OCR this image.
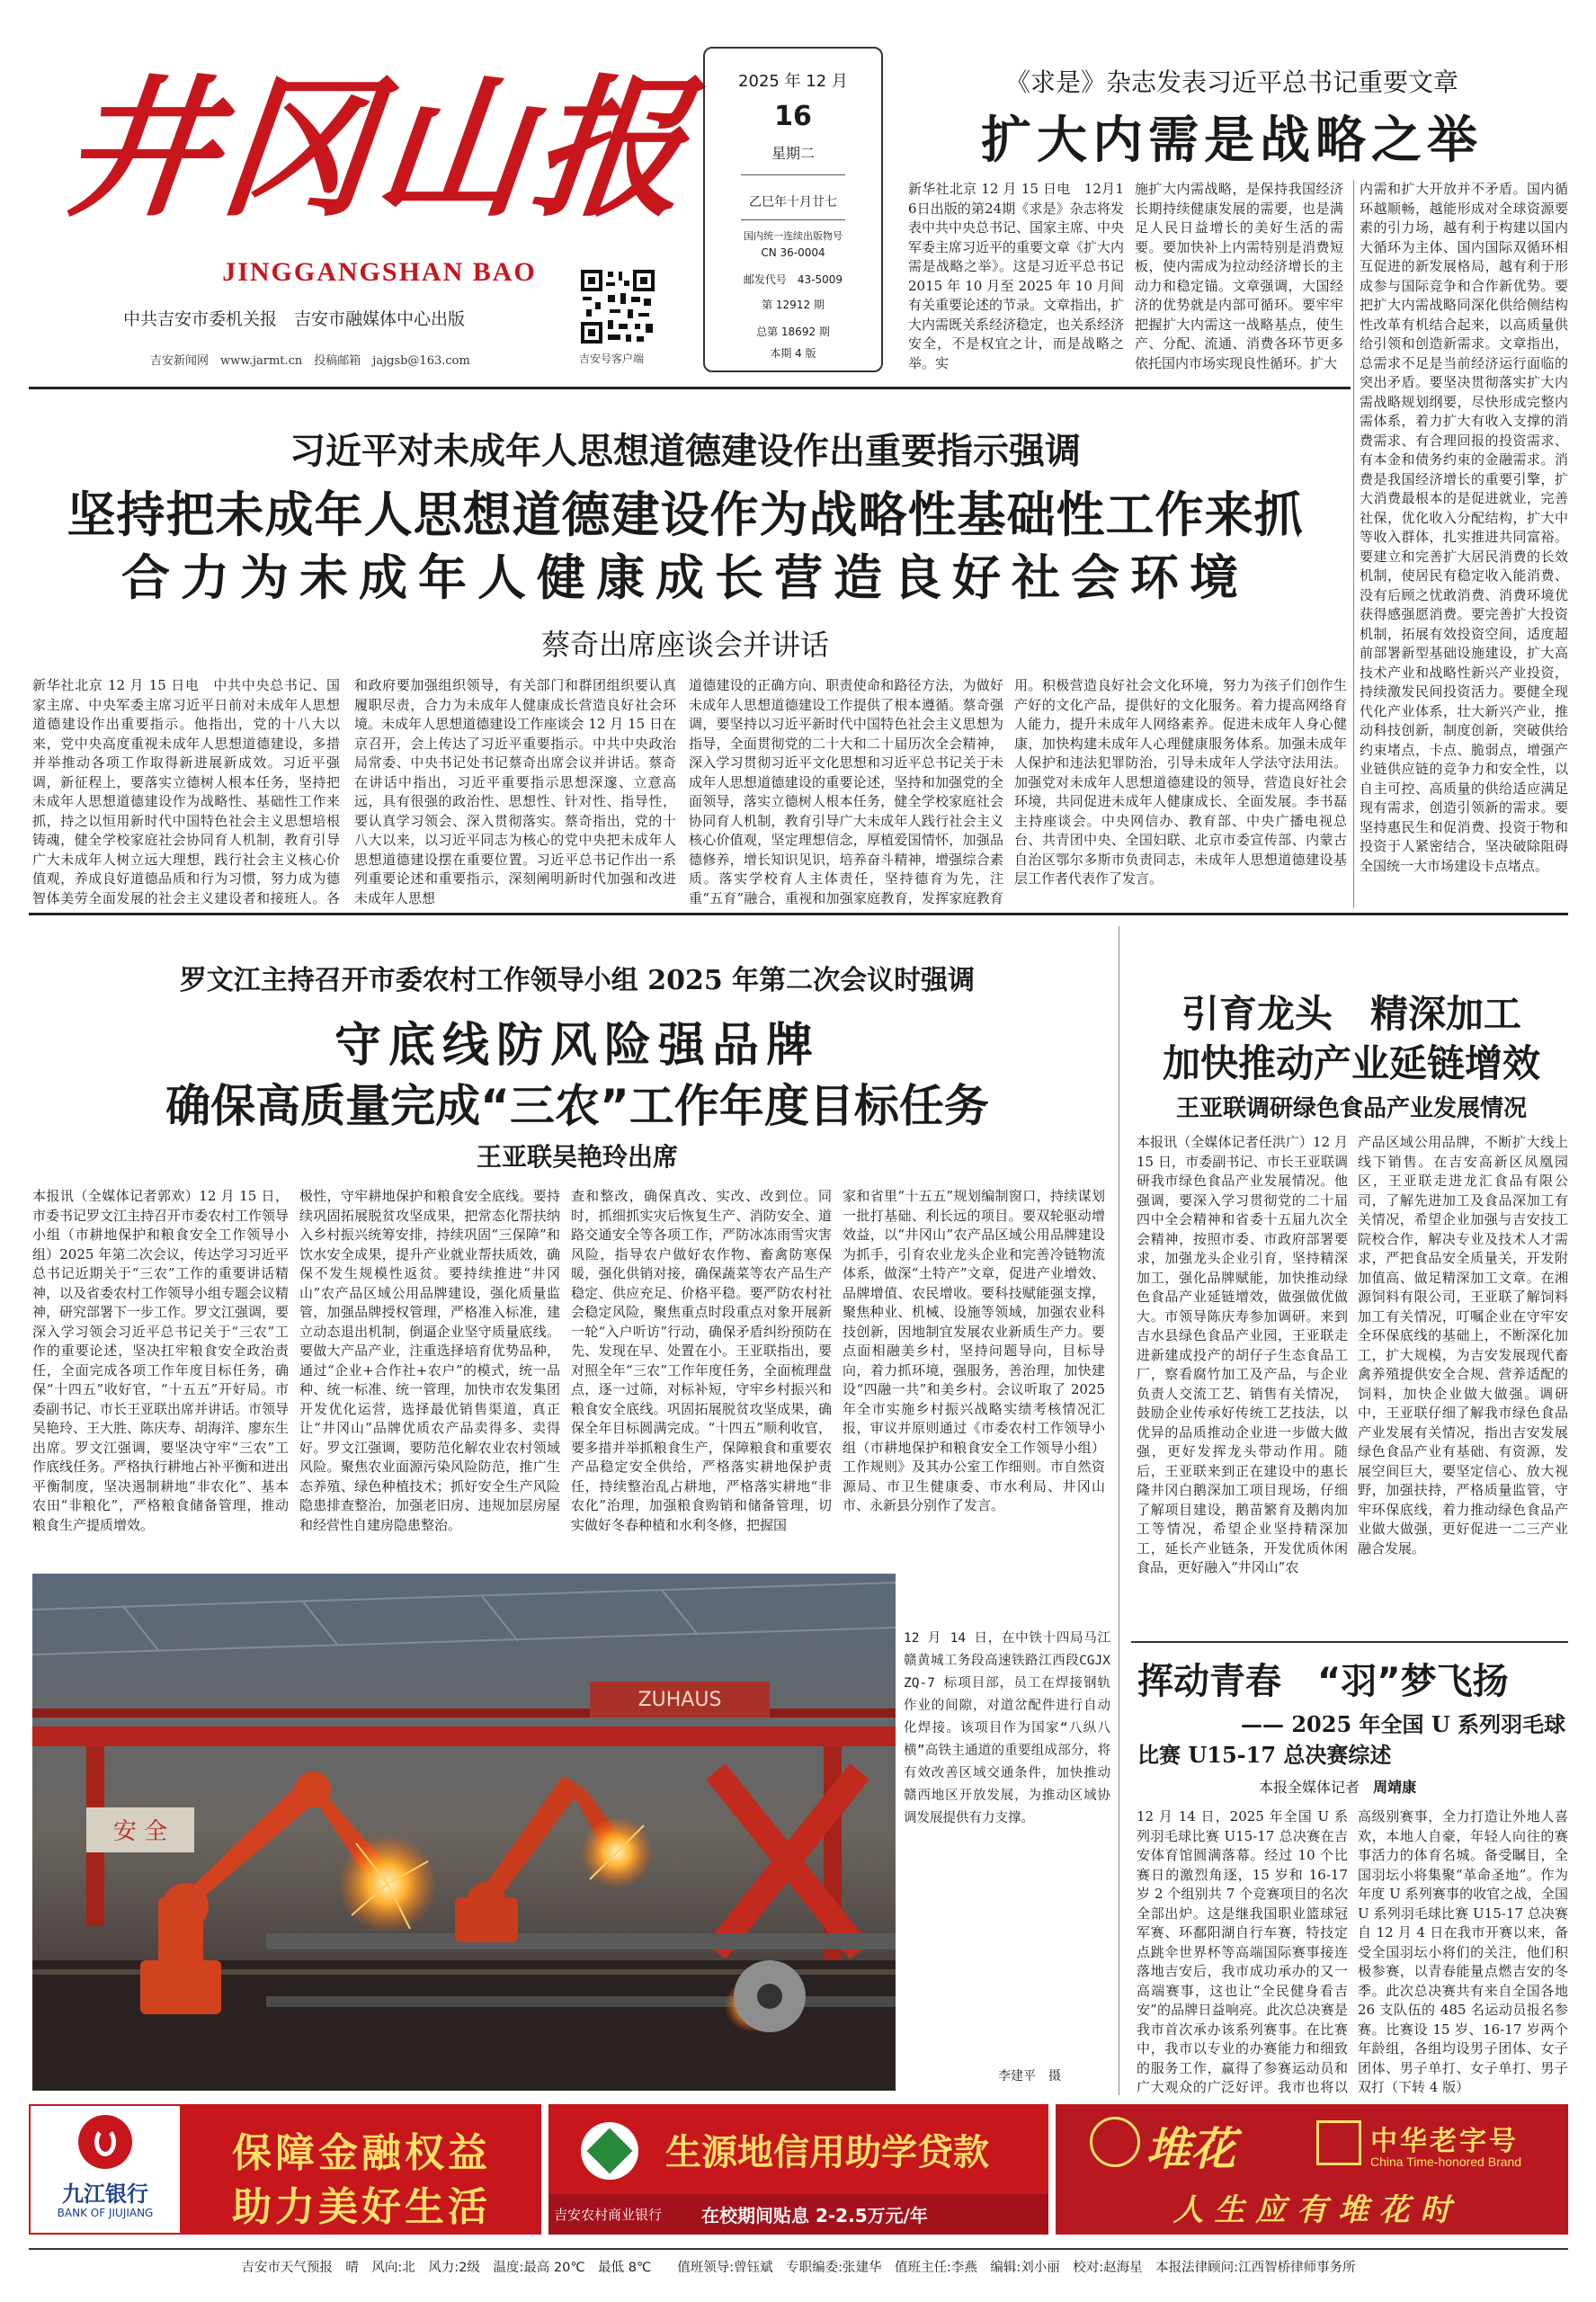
井冈山报
JINGGANGSHAN BAO
中共吉安市委机关报　吉安市融媒体中心出版
吉安新闻网　www.jarmt.cn　投稿邮箱　jajgsb@163.com	吉安号客户端
2025 年 12 月
16
星期二
乙巳年十月廿七
国内统一连续出版物号
CN 36-0004
邮发代号　43-5009
第 12912 期
总第 18692 期
本期 4 版
《求是》杂志发表习近平总书记重要文章
扩大内需是战略之举
新华社北京 12 月 15 日电　12月16日出版的第24期《求是》杂志将发表中共中央总书记、国家主席、中央军委主席习近平的重要文章《扩大内需是战略之举》。这是习近平总书记 2015 年 10 月至 2025 年 10 月间有关重要论述的节录。文章指出，扩大内需既关系经济稳定，也关系经济安全，不是权宜之计，而是战略之举。实
施扩大内需战略，是保持我国经济长期持续健康发展的需要，也是满足人民日益增长的美好生活的需要。要加快补上内需特别是消费短板，使内需成为拉动经济增长的主动力和稳定锚。文章强调，大国经济的优势就是内部可循环。要牢牢把握扩大内需这一战略基点，使生产、分配、流通、消费各环节更多依托国内市场实现良性循环。扩大
内需和扩大开放并不矛盾。国内循环越顺畅，越能形成对全球资源要素的引力场，越有利于构建以国内大循环为主体、国内国际双循环相互促进的新发展格局，越有利于形成参与国际竞争和合作新优势。要把扩大内需战略同深化供给侧结构性改革有机结合起来，以高质量供给引领和创造新需求。文章指出，总需求不足是当前经济运行面临的突出矛盾。要坚决贯彻落实扩大内需战略规划纲要，尽快形成完整内需体系，着力扩大有收入支撑的消费需求、有合理回报的投资需求、有本金和债务约束的金融需求。消费是我国经济增长的重要引擎，扩大消费最根本的是促进就业，完善社保，优化收入分配结构，扩大中等收入群体，扎实推进共同富裕。要建立和完善扩大居民消费的长效机制，使居民有稳定收入能消费、没有后顾之忧敢消费、消费环境优获得感强愿消费。要完善扩大投资机制，拓展有效投资空间，适度超前部署新型基础设施建设，扩大高技术产业和战略性新兴产业投资，持续激发民间投资活力。要健全现代化产业体系，壮大新兴产业，推动科技创新，制度创新，突破供给约束堵点，卡点、脆弱点，增强产业链供应链的竞争力和安全性，以自主可控、高质量的供给适应满足现有需求，创造引领新的需求。要坚持惠民生和促消费、投资于物和投资于人紧密结合，坚决破除阻碍全国统一大市场建设卡点堵点。
习近平对未成年人思想道德建设作出重要指示强调
坚持把未成年人思想道德建设作为战略性基础性工作来抓
合力为未成年人健康成长营造良好社会环境
蔡奇出席座谈会并讲话
新华社北京 12 月 15 日电　中共中央总书记、国家主席、中央军委主席习近平日前对未成年人思想道德建设作出重要指示。他指出，党的十八大以来，党中央高度重视未成年人思想道德建设，多措并举推动各项工作取得新进展新成效。习近平强调，新征程上，要落实立德树人根本任务，坚持把未成年人思想道德建设作为战略性、基础性工作来抓，持之以恒用新时代中国特色社会主义思想培根铸魂，健全学校家庭社会协同育人机制，教育引导广大未成年人树立远大理想，践行社会主义核心价值观，养成良好道德品质和行为习惯，努力成为德智体美劳全面发展的社会主义建设者和接班人。各
和政府要加强组织领导，有关部门和群团组织要认真履职尽责，合力为未成年人健康成长营造良好社会环境。未成年人思想道德建设工作座谈会 12 月 15 日在京召开，会上传达了习近平重要指示。中共中央政治局常委、中央书记处书记蔡奇出席会议并讲话。蔡奇在讲话中指出，习近平重要指示思想深邃、立意高远，具有很强的政治性、思想性、针对性、指导性，要认真学习领会、深入贯彻落实。蔡奇指出，党的十八大以来，以习近平同志为核心的党中央把未成年人思想道德建设摆在重要位置。习近平总书记作出一系列重要论述和重要指示，深刻阐明新时代加强和改进未成年人思想
道德建设的正确方向、职责使命和路径方法，为做好未成年人思想道德建设工作提供了根本遵循。蔡奇强调，要坚持以习近平新时代中国特色社会主义思想为指导，全面贯彻党的二十大和二十届历次全会精神，深入学习贯彻习近平文化思想和习近平总书记关于未成年人思想道德建设的重要论述，坚持和加强党的全面领导，落实立德树人根本任务，健全学校家庭社会协同育人机制，教育引导广大未成年人践行社会主义核心价值观，坚定理想信念，厚植爱国情怀，加强品德修养，增长知识见识，培养奋斗精神，增强综合素质。落实学校育人主体责任，坚持德育为先，注重“五育”融合，重视和加强家庭教育，发挥家庭教育
用。积极营造良好社会文化环境，努力为孩子们创作生产好的文化产品，提供好的文化服务。着力提高网络育人能力，提升未成年人网络素养。促进未成年人身心健康，加快构建未成年人心理健康服务体系。加强未成年人保护和违法犯罪防治，引导未成年人学法守法用法。加强党对未成年人思想道德建设的领导，营造良好社会环境，共同促进未成年人健康成长、全面发展。李书磊主持座谈会。中央网信办、教育部、中央广播电视总台、共青团中央、全国妇联、北京市委宣传部、内蒙古自治区鄂尔多斯市负责同志，未成年人思想道德建设基层工作者代表作了发言。
罗文江主持召开市委农村工作领导小组 2025 年第二次会议时强调
守底线防风险强品牌
确保高质量完成“三农”工作年度目标任务
王亚联吴艳玲出席
本报讯（全媒体记者郭欢）12 月 15 日，市委书记罗文江主持召开市委农村工作领导小组（市耕地保护和粮食安全工作领导小组）2025 年第二次会议，传达学习习近平总书记近期关于“三农”工作的重要讲话精神，以及省委农村工作领导小组专题会议精神，研究部署下一步工作。罗文江强调，要深入学习领会习近平总书记关于“三农”工作的重要论述，坚决扛牢粮食安全政治责任，全面完成各项工作年度目标任务，确保“十四五”收好官，“十五五”开好局。市委副书记、市长王亚联出席并讲话。市领导吴艳玲、王大胜、陈庆寿、胡海洋、廖东生出席。罗文江强调，要坚决守牢“三农”工作底线任务。严格执行耕地占补平衡和进出平衡制度，坚决遏制耕地“非农化”、基本农田“非粮化”，严格粮食储备管理，推动粮食生产提质增效。
极性，守牢耕地保护和粮食安全底线。要持续巩固拓展脱贫攻坚成果，把常态化帮扶纳入乡村振兴统筹安排，持续巩固“三保障”和饮水安全成果，提升产业就业帮扶质效，确保不发生规模性返贫。要持续推进“井冈山”农产品区域公用品牌建设，强化质量监管，加强品牌授权管理，严格准入标准，建立动态退出机制，倒逼企业坚守质量底线。要做大产品产业，注重选择培育优势品种，通过“企业+合作社+农户”的模式，统一品种、统一标准、统一管理，加快市农发集团开发优化运营，选择最优销售渠道，真正让“井冈山”品牌优质农产品卖得多、卖得好。罗文江强调，要防范化解农业农村领域风险。聚焦农业面源污染风险防范，推广生态养殖、绿色种植技术；抓好安全生产风险隐患排查整治，加强老旧房、违规加层房屋和经营性自建房隐患整治。
查和整改，确保真改、实改、改到位。同时，抓细抓实灾后恢复生产、消防安全、道路交通安全等各项工作，严防冰冻雨雪灾害风险，指导农户做好农作物、畜禽防寒保暖，强化供销对接，确保蔬菜等农产品生产稳定、供应充足、价格平稳。要严防农村社会稳定风险，聚焦重点时段重点对象开展新一轮“入户听访”行动，确保矛盾纠纷预防在先、发现在早、处置在小。王亚联指出，要对照全年“三农”工作年度任务，全面梳理盘点，逐一过筛，对标补短，守牢乡村振兴和粮食安全底线。巩固拓展脱贫攻坚成果，确保全年目标圆满完成。“十四五”顺利收官，要多措并举抓粮食生产，保障粮食和重要农产品稳定安全供给，严格落实耕地保护责任，持续整治乱占耕地，严格落实耕地“非农化”治理，加强粮食购销和储备管理，切实做好冬春种植和水利冬修，把握国
家和省里“十五五”规划编制窗口，持续谋划一批打基础、利长远的项目。要双轮驱动增效益，以“井冈山”农产品区域公用品牌建设为抓手，引育农业龙头企业和完善冷链物流体系，做深“土特产”文章，促进产业增效、品牌增值、农民增收。要科技赋能强支撑，聚焦种业、机械、设施等领域，加强农业科技创新，因地制宜发展农业新质生产力。要点面相融美乡村，坚持问题导向，目标导向，着力抓环境，强服务，善治理，加快建设“四融一共”和美乡村。会议听取了 2025 年全市实施乡村振兴战略实绩考核情况汇报，审议并原则通过《市委农村工作领导小组（市耕地保护和粮食安全工作领导小组）工作规则》及其办公室工作细则。市自然资源局、市卫生健康委、市水利局、井冈山市、永新县分别作了发言。
引育龙头　精深加工
加快推动产业延链增效
王亚联调研绿色食品产业发展情况
本报讯（全媒体记者任洪广）12 月 15 日，市委副书记、市长王亚联调研我市绿色食品产业发展情况。他强调，要深入学习贯彻党的二十届四中全会精神和省委十五届九次全会精神，按照市委、市政府部署要求，加强龙头企业引育，坚持精深加工，强化品牌赋能，加快推动绿色食品产业延链增效，做强做优做大。市领导陈庆寿参加调研。来到吉水县绿色食品产业园，王亚联走进新建成投产的胡仔子生态食品工厂，察看腐竹加工及产品，与企业负责人交流工艺、销售有关情况，鼓励企业传承好传统工艺技法，以优异的品质推动企业进一步做大做强，更好发挥龙头带动作用。随后，王亚联来到正在建设中的惠长隆井冈白鹅深加工项目现场，仔细了解项目建设，鹅苗繁育及鹅肉加工等情况，希望企业坚持精深加工，延长产业链条，开发优质休闲食品，更好融入“井冈山”农
产品区域公用品牌，不断扩大线上线下销售。在吉安高新区凤凰园区，王亚联走进龙汇食品有限公司，了解先进加工及食品深加工有关情况，希望企业加强与吉安技工院校合作，解决专业及技术人才需求，严把食品安全质量关，开发附加值高、做足精深加工文章。在湘源饲料有限公司，王亚联了解饲料加工有关情况，叮嘱企业在守牢安全环保底线的基础上，不断深化加工，扩大规模，为吉安发展现代畜禽养殖提供安全合规、营养适配的饲料，加快企业做大做强。调研中，王亚联仔细了解我市绿色食品产业发展有关情况，指出吉安发展绿色食品产业有基础、有资源，发展空间巨大，要坚定信心、放大视野，加强扶持，严格质量监管，守牢环保底线，着力推动绿色食品产业做大做强，更好促进一二三产业融合发展。
ZUHAUS
安 全
12 月 14 日，在中铁十四局马江赣黄城工务段高速铁路江西段CGJXZQ-7 标项目部，员工在焊接钢轨作业的间隙，对道岔配件进行自动化焊接。该项目作为国家“八纵八横”高铁主通道的重要组成部分，将有效改善区域交通条件，加快推动赣西地区开放发展，为推动区域协调发展提供有力支撑。
李建平　摄
挥动青春　“羽”梦飞扬
—— 2025 年全国 U 系列羽毛球
比赛 U15-17 总决赛综述
本报全媒体记者 周靖康
12 月 14 日，2025 年全国 U 系列羽毛球比赛 U15-17 总决赛在吉安体育馆圆满落幕。经过 10 个比赛日的激烈角逐，15 岁和 16-17 岁 2 个组别共 7 个竞赛项目的名次全部出炉。这是继我国职业篮球冠军赛、环鄱阳湖自行车赛，特技定点跳伞世界杯等高端国际赛事接连落地吉安后，我市成功承办的又一高端赛事，这也让“全民健身看吉安”的品牌日益响亮。此次总决赛是我市首次承办该系列赛事。在比赛中，我市以专业的办赛能力和细致的服务工作，赢得了参赛运动员和广大观众的广泛好评。我市也将以
高级别赛事，全力打造让外地人喜欢，本地人自豪，年轻人向往的赛事活力的体育名城。备受瞩目，全国羽坛小将集聚“革命圣地”。作为年度 U 系列赛事的收官之战，全国 U 系列羽毛球比赛 U15-17 总决赛自 12 月 4 日在我市开赛以来，备受全国羽坛小将们的关注，他们积极参赛，以青春能量点燃吉安的冬季。此次总决赛共有来自全国各地 26 支队伍的 485 名运动员报名参赛。比赛设 15 岁、16-17 岁两个年龄组，各组均设男子团体、女子团体、男子单打、女子单打、男子双打（下转 4 版）
九江银行
BANK OF JIUJIANG
保障金融权益
助力美好生活
生源地信用助学贷款
吉安农村商业银行 在校期间贴息 2-2.5万元/年
堆花	中华老字号
China Time-honored Brand
人 生 应 有 堆 花 时
吉安市天气预报　晴　风向:北　风力:2级　温度:最高 20℃　最低 8℃　　值班领导:曾钰斌　专职编委:张建华　值班主任:李燕　编辑:刘小丽　校对:赵海星　本报法律顾问:江西智桥律师事务所
